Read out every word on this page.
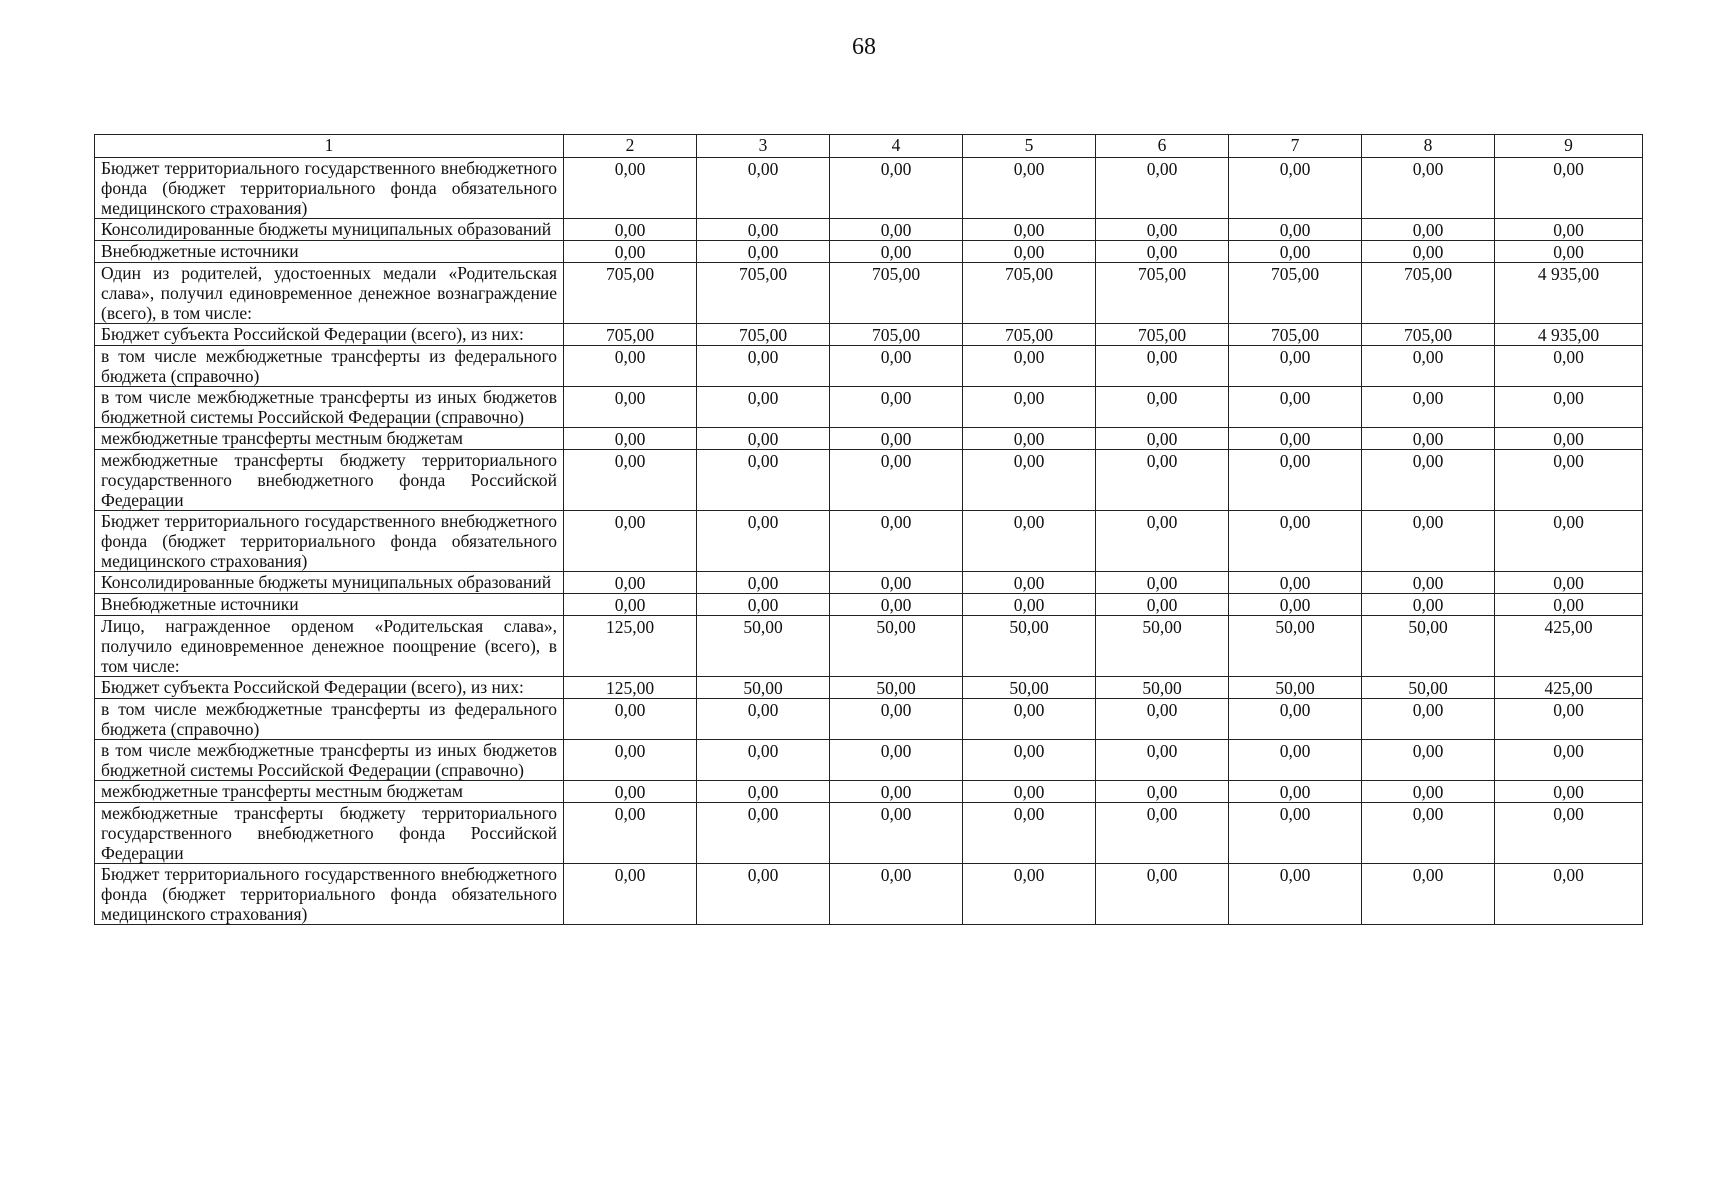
68
1	2	3	4	5	6	7	8	9
Бюджет территориального государственного внебюджетного фонда (бюджет территориального фонда обязательного медицинского страхования)	0,00	0,00	0,00	0,00	0,00	0,00	0,00	0,00
Консолидированные бюджеты муниципальных образований	0,00	0,00	0,00	0,00	0,00	0,00	0,00	0,00
Внебюджетные источники	0,00	0,00	0,00	0,00	0,00	0,00	0,00	0,00
Один из родителей, удостоенных медали «Родительская слава», получил единовременное денежное вознаграждение (всего), в том числе:	705,00	705,00	705,00	705,00	705,00	705,00	705,00	4 935,00
Бюджет субъекта Российской Федерации (всего), из них:	705,00	705,00	705,00	705,00	705,00	705,00	705,00	4 935,00
в том числе межбюджетные трансферты из федерального бюджета (справочно)	0,00	0,00	0,00	0,00	0,00	0,00	0,00	0,00
в том числе межбюджетные трансферты из иных бюджетов бюджетной системы Российской Федерации (справочно)	0,00	0,00	0,00	0,00	0,00	0,00	0,00	0,00
межбюджетные трансферты местным бюджетам	0,00	0,00	0,00	0,00	0,00	0,00	0,00	0,00
межбюджетные трансферты бюджету территориального государственного внебюджетного фонда Российской Федерации	0,00	0,00	0,00	0,00	0,00	0,00	0,00	0,00
Бюджет территориального государственного внебюджетного фонда (бюджет территориального фонда обязательного медицинского страхования)	0,00	0,00	0,00	0,00	0,00	0,00	0,00	0,00
Консолидированные бюджеты муниципальных образований	0,00	0,00	0,00	0,00	0,00	0,00	0,00	0,00
Внебюджетные источники	0,00	0,00	0,00	0,00	0,00	0,00	0,00	0,00
Лицо, награжденное орденом «Родительская слава», получило единовременное денежное поощрение (всего), в том числе:	125,00	50,00	50,00	50,00	50,00	50,00	50,00	425,00
Бюджет субъекта Российской Федерации (всего), из них:	125,00	50,00	50,00	50,00	50,00	50,00	50,00	425,00
в том числе межбюджетные трансферты из федерального бюджета (справочно)	0,00	0,00	0,00	0,00	0,00	0,00	0,00	0,00
в том числе межбюджетные трансферты из иных бюджетов бюджетной системы Российской Федерации (справочно)	0,00	0,00	0,00	0,00	0,00	0,00	0,00	0,00
межбюджетные трансферты местным бюджетам	0,00	0,00	0,00	0,00	0,00	0,00	0,00	0,00
межбюджетные трансферты бюджету территориального государственного внебюджетного фонда Российской Федерации	0,00	0,00	0,00	0,00	0,00	0,00	0,00	0,00
Бюджет территориального государственного внебюджетного фонда (бюджет территориального фонда обязательного медицинского страхования)	0,00	0,00	0,00	0,00	0,00	0,00	0,00	0,00
